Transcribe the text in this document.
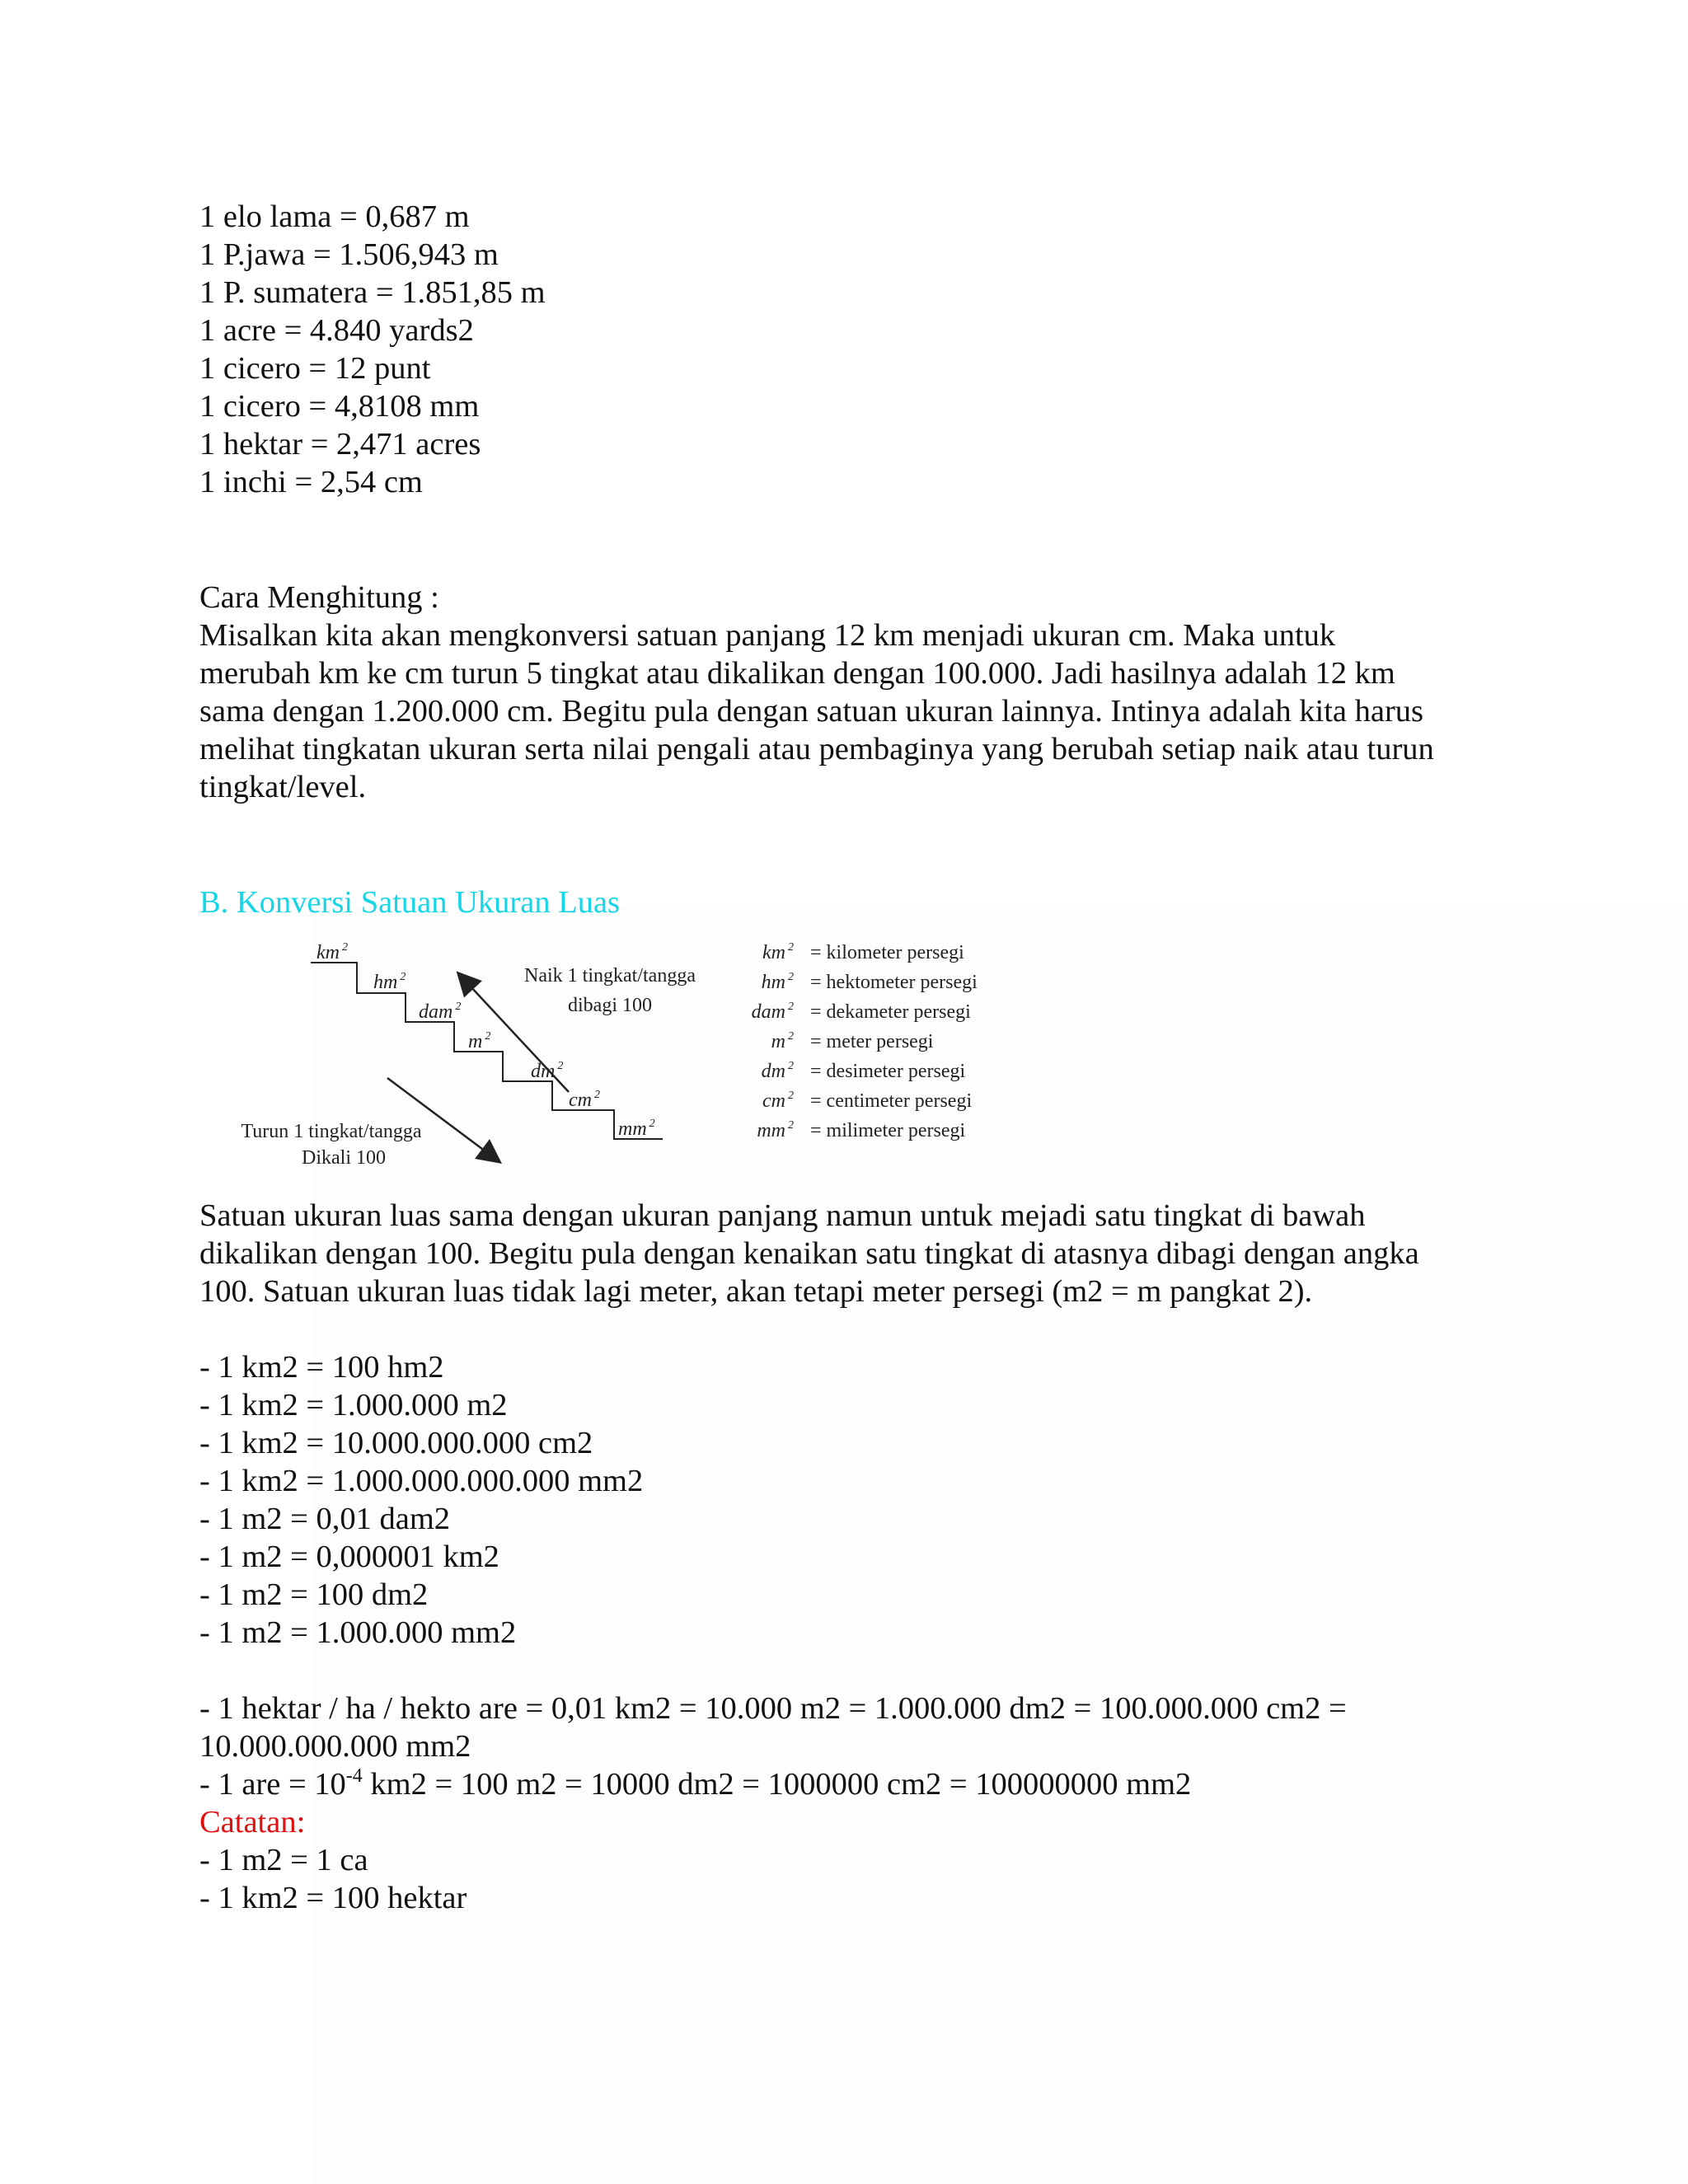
1 elo lama = 0,687 m

1 P.jawa = 1.506,943 m

1 P. sumatera = 1.851,85 m

1 acre = 4.840 yards2

1 cicero = 12 punt

1 cicero = 4,8108 mm

1 hektar = 2,471 acres

1 inchi = 2,54 cm

Cara Menghitung :

Misalkan kita akan mengkonversi satuan panjang 12 km menjadi ukuran cm. Maka untuk

merubah km ke cm turun 5 tingkat atau dikalikan dengan 100.000. Jadi hasilnya adalah 12 km

sama dengan 1.200.000 cm. Begitu pula dengan satuan ukuran lainnya. Intinya adalah kita harus

melihat tingkatan ukuran serta nilai pengali atau pembaginya yang berubah setiap naik atau turun

tingkat/level.

B. Konversi Satuan Ukuran Luas

km $^2$
hm $^2$
dam $^2$
m $^2$
dm $^2$
cm $^2$
mm $^2$
Naik 1 tingkat/tangga
dibagi 100
Turun 1 tingkat/tangga
Dikali 100
km $^2$ = kilometer persegi
hm $^2$ = hektometer persegi
dam $^2$ = dekameter persegi
m $^2$ = meter persegi
dm $^2$ = desimeter persegi
cm $^2$ = centimeter persegi
mm $^2$ = milimeter persegi

Satuan ukuran luas sama dengan ukuran panjang namun untuk mejadi satu tingkat di bawah

dikalikan dengan 100. Begitu pula dengan kenaikan satu tingkat di atasnya dibagi dengan angka

100. Satuan ukuran luas tidak lagi meter, akan tetapi meter persegi (m2 = m pangkat 2).

- 1 km2 = 100 hm2

- 1 km2 = 1.000.000 m2

- 1 km2 = 10.000.000.000 cm2

- 1 km2 = 1.000.000.000.000 mm2

- 1 m2 = 0,01 dam2

- 1 m2 = 0,000001 km2

- 1 m2 = 100 dm2

- 1 m2 = 1.000.000 mm2

- 1 hektar / ha / hekto are = 0,01 km2 = 10.000 m2 = 1.000.000 dm2 = 100.000.000 cm2 =

10.000.000.000 mm2

- 1 are = $10^{-4}$ km2 = 100 m2 = 10000 dm2 = 1000000 cm2 = 100000000 mm2

Catatan:

- 1 m2 = 1 ca

- 1 km2 = 100 hektar
